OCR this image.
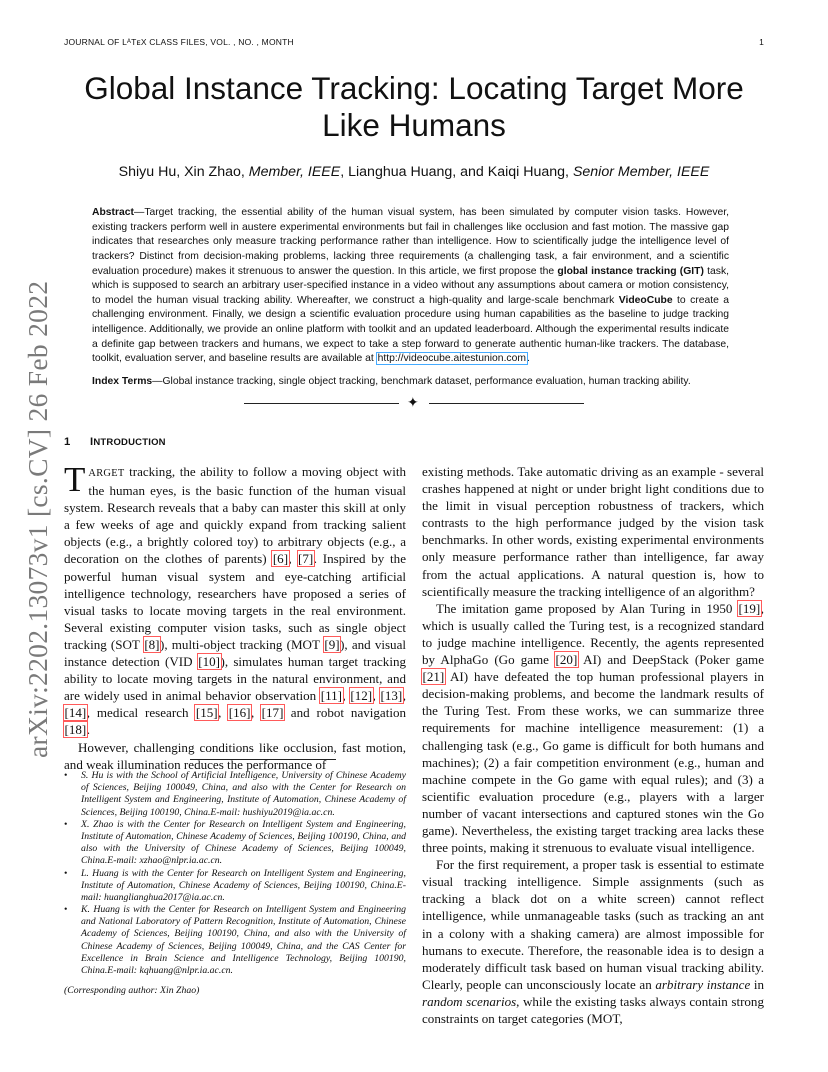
JOURNAL OF LᴬTᴇX CLASS FILES, VOL. , NO. , MONTH	1
Global Instance Tracking: Locating Target More
Like Humans
Shiyu Hu, Xin Zhao, Member, IEEE, Lianghua Huang, and Kaiqi Huang, Senior Member, IEEE
Abstract—Target tracking, the essential ability of the human visual system, has been simulated by computer vision tasks. However, existing trackers perform well in austere experimental environments but fail in challenges like occlusion and fast motion. The massive gap indicates that researches only measure tracking performance rather than intelligence. How to scientifically judge the intelligence level of trackers? Distinct from decision-making problems, lacking three requirements (a challenging task, a fair environment, and a scientific evaluation procedure) makes it strenuous to answer the question. In this article, we first propose the global instance tracking (GIT) task, which is supposed to search an arbitrary user-specified instance in a video without any assumptions about camera or motion consistency, to model the human visual tracking ability. Whereafter, we construct a high-quality and large-scale benchmark VideoCube to create a challenging environment. Finally, we design a scientific evaluation procedure using human capabilities as the baseline to judge tracking intelligence. Additionally, we provide an online platform with toolkit and an updated leaderboard. Although the experimental results indicate a definite gap between trackers and humans, we expect to take a step forward to generate authentic human-like trackers. The database, toolkit, evaluation server, and baseline results are available at http://videocube.aitestunion.com.
Index Terms—Global instance tracking, single object tracking, benchmark dataset, performance evaluation, human tracking ability.
✦
arXiv:2202.13073v1 [cs.CV] 26 Feb 2022 1 INTRODUCTION

TARGET tracking, the ability to follow a moving object with the human eyes, is the basic function of the human visual system. Research reveals that a baby can master this skill at only a few weeks of age and quickly expand from tracking salient objects (e.g., a brightly colored toy) to arbitrary objects (e.g., a decoration on the clothes of parents) [6], [7]. Inspired by the powerful human visual system and eye-catching artificial intelligence technology, researchers have proposed a series of visual tasks to locate moving targets in the real environment. Several existing computer vision tasks, such as single object tracking (SOT [8]), multi-object tracking (MOT [9]), and visual instance detection (VID [10]), simulates human target tracking ability to locate moving targets in the natural environment, and are widely used in animal behavior observation [11], [12], [13], [14], medical research [15], [16], [17] and robot navigation [18].

However, challenging conditions like occlusion, fast motion, and weak illumination reduces the performance of

• S. Hu is with the School of Artificial Intelligence, University of Chinese Academy of Sciences, Beijing 100049, China, and also with the Center for Research on Intelligent System and Engineering, Institute of Automation, Chinese Academy of Sciences, Beijing 100190, China.E-mail: hushiyu2019@ia.ac.cn.
• X. Zhao is with the Center for Research on Intelligent System and Engineering, Institute of Automation, Chinese Academy of Sciences, Beijing 100190, China, and also with the University of Chinese Academy of Sciences, Beijing 100049, China.E-mail: xzhao@nlpr.ia.ac.cn.
• L. Huang is with the Center for Research on Intelligent System and Engineering, Institute of Automation, Chinese Academy of Sciences, Beijing 100190, China.E-mail: huanglianghua2017@ia.ac.cn.
• K. Huang is with the Center for Research on Intelligent System and Engineering and National Laboratory of Pattern Recognition, Institute of Automation, Chinese Academy of Sciences, Beijing 100190, China, and also with the University of Chinese Academy of Sciences, Beijing 100049, China, and the CAS Center for Excellence in Brain Science and Intelligence Technology, Beijing 100190, China.E-mail: kqhuang@nlpr.ia.ac.cn.
(Corresponding author: Xin Zhao)

existing methods. Take automatic driving as an example - several crashes happened at night or under bright light conditions due to the limit in visual perception robustness of trackers, which contrasts to the high performance judged by the vision task benchmarks. In other words, existing experimental environments only measure performance rather than intelligence, far away from the actual applications. A natural question is, how to scientifically measure the tracking intelligence of an algorithm?

The imitation game proposed by Alan Turing in 1950 [19], which is usually called the Turing test, is a recognized standard to judge machine intelligence. Recently, the agents represented by AlphaGo (Go game [20] AI) and DeepStack (Poker game [21] AI) have defeated the top human professional players in decision-making problems, and become the landmark results of the Turing Test. From these works, we can summarize three requirements for machine intelligence measurement: (1) a challenging task (e.g., Go game is difficult for both humans and machines); (2) a fair competition environment (e.g., human and machine compete in the Go game with equal rules); and (3) a scientific evaluation procedure (e.g., players with a larger number of vacant intersections and captured stones win the Go game). Nevertheless, the existing target tracking area lacks these three points, making it strenuous to evaluate visual intelligence.

For the first requirement, a proper task is essential to estimate visual tracking intelligence. Simple assignments (such as tracking a black dot on a white screen) cannot reflect intelligence, while unmanageable tasks (such as tracking an ant in a colony with a shaking camera) are almost impossible for humans to execute. Therefore, the reasonable idea is to design a moderately difficult task based on human visual tracking ability. Clearly, people can unconsciously locate an arbitrary instance in random scenarios, while the existing tasks always contain strong constraints on target categories (MOT,
